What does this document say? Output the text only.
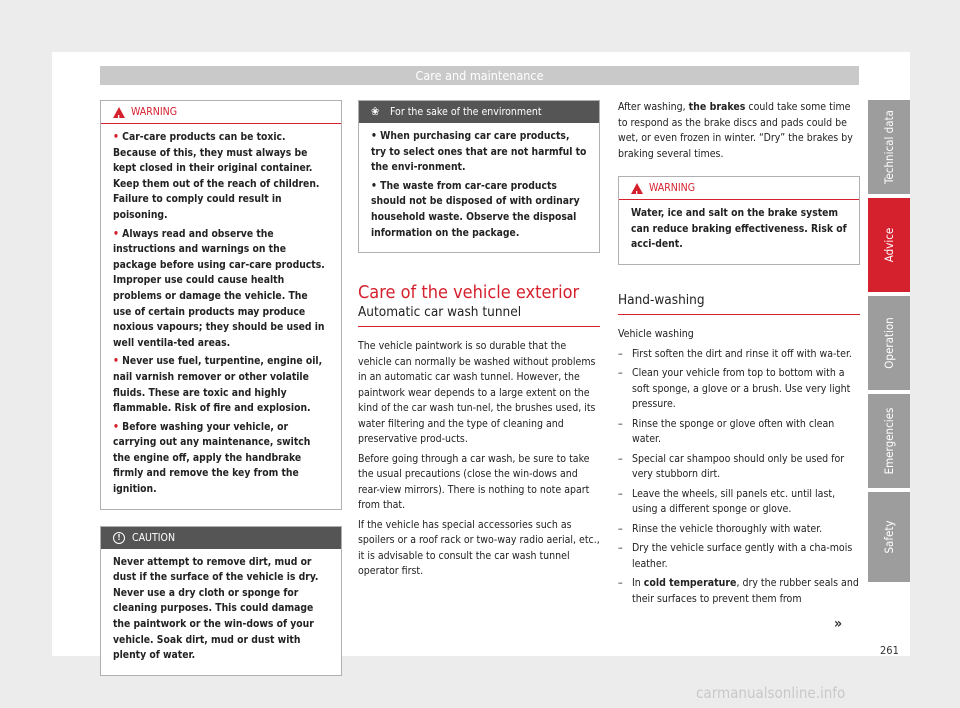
Care and maintenance
!
WARNING

• Car-care products can be toxic. Because of this, they must always be kept closed in their original container. Keep them out of the reach of children. Failure to comply could result in poisoning.

• Always read and observe the instructions and warnings on the package before using car-care products. Improper use could cause health problems or damage the vehicle. The use of certain products may produce noxious vapours; they should be used in well ventila-ted areas.

• Never use fuel, turpentine, engine oil, nail varnish remover or other volatile fluids. These are toxic and highly flammable. Risk of fire and explosion.

• Before washing your vehicle, or carrying out any maintenance, switch the engine off, apply the handbrake firmly and remove the key from the ignition.

!	CAUTION

Never attempt to remove dirt, mud or dust if the surface of the vehicle is dry. Never use a dry cloth or sponge for cleaning purposes. This could damage the paintwork or the win-dows of your vehicle. Soak dirt, mud or dust with plenty of water.

❀	For the sake of the environment

• When purchasing car care products, try to select ones that are not harmful to the envi-ronment.

• The waste from car-care products should not be disposed of with ordinary household waste. Observe the disposal information on the package.

Care of the vehicle exterior
Automatic car wash tunnel

The vehicle paintwork is so durable that the vehicle can normally be washed without problems in an automatic car wash tunnel. However, the paintwork wear depends to a large extent on the kind of the car wash tun-nel, the brushes used, its water filtering and the type of cleaning and preservative prod-ucts.

Before going through a car wash, be sure to take the usual precautions (close the win-dows and rear-view mirrors). There is nothing to note apart from that.

If the vehicle has special accessories such as spoilers or a roof rack or two-way radio aerial, etc., it is advisable to consult the car wash tunnel operator first.

After washing, the brakes could take some time to respond as the brake discs and pads could be wet, or even frozen in winter. “Dry” the brakes by braking several times.

!
WARNING

Water, ice and salt on the brake system can reduce braking effectiveness. Risk of acci-dent.

Hand-washing

Vehicle washing

– First soften the dirt and rinse it off with wa-ter.
– Clean your vehicle from top to bottom with a soft sponge, a glove or a brush. Use very light pressure.
– Rinse the sponge or glove often with clean water.
– Special car shampoo should only be used for very stubborn dirt.
– Leave the wheels, sill panels etc. until last, using a different sponge or glove.
– Rinse the vehicle thoroughly with water.
– Dry the vehicle surface gently with a cha-mois leather.
– In cold temperature, dry the rubber seals and their surfaces to prevent them from
Technical data
Advice
Operation
Emergencies
Safety
»
261
carmanualsonline.info
